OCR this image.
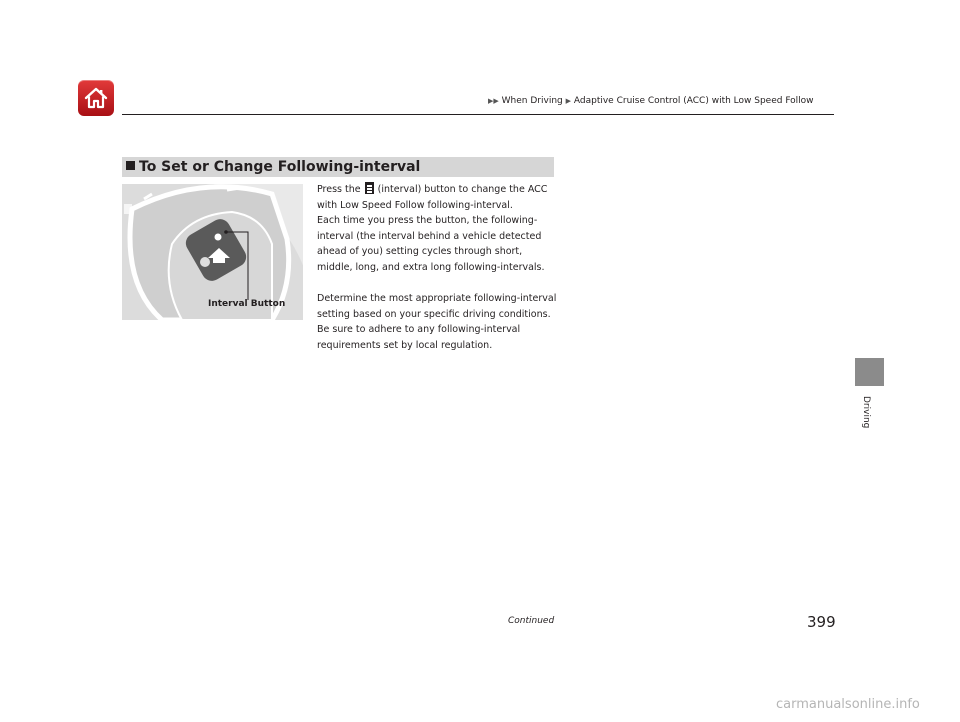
▶▶ When Driving ▶ Adaptive Cruise Control (ACC) with Low Speed Follow
To Set or Change Following-interval
Interval Button

Press the
(interval) button to change the ACC with Low Speed Follow following-interval.

Each time you press the button, the following-interval (the interval behind a vehicle detected ahead of you) setting cycles through short, middle, long, and extra long following-intervals.

Determine the most appropriate following-interval setting based on your specific driving conditions. Be sure to adhere to any following-interval requirements set by local regulation.

Driving
Continued	399
carmanualsonline.info
